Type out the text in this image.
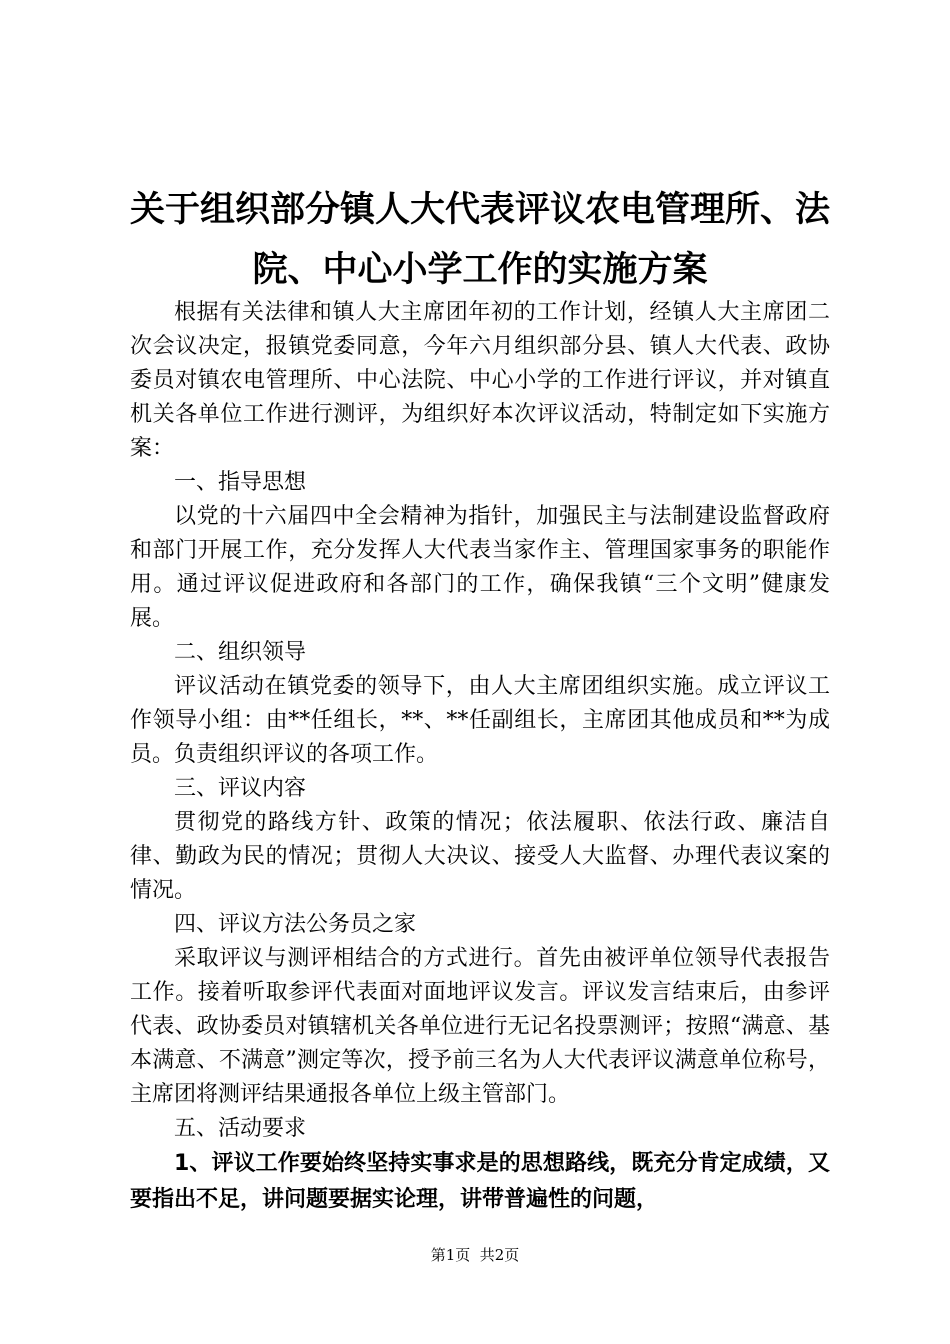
关于组织部分镇人大代表评议农电管理所、法
院、中心小学工作的实施方案

根据有关法律和镇人大主席团年初的工作计划，经镇人大主席团二次会议决定，报镇党委同意，今年六月组织部分县、镇人大代表、政协委员对镇农电管理所、中心法院、中心小学的工作进行评议，并对镇直机关各单位工作进行测评，为组织好本次评议活动，特制定如下实施方案：

一、指导思想

以党的十六届四中全会精神为指针，加强民主与法制建设监督政府和部门开展工作，充分发挥人大代表当家作主、管理国家事务的职能作用。通过评议促进政府和各部门的工作，确保我镇“三个文明”健康发展。

二、组织领导

评议活动在镇党委的领导下，由人大主席团组织实施。成立评议工作领导小组：由**任组长，**、**任副组长，主席团其他成员和**为成员。负责组织评议的各项工作。

三、评议内容

贯彻党的路线方针、政策的情况；依法履职、依法行政、廉洁自律、勤政为民的情况；贯彻人大决议、接受人大监督、办理代表议案的情况。

四、评议方法公务员之家

采取评议与测评相结合的方式进行。首先由被评单位领导代表报告工作。接着听取参评代表面对面地评议发言。评议发言结束后，由参评代表、政协委员对镇辖机关各单位进行无记名投票测评；按照“满意、基本满意、不满意”测定等次，授予前三名为人大代表评议满意单位称号，主席团将测评结果通报各单位上级主管部门。

五、活动要求

1、评议工作要始终坚持实事求是的思想路线，既充分肯定成绩，又要指出不足，讲问题要据实论理，讲带普遍性的问题，

第1页  共2页
